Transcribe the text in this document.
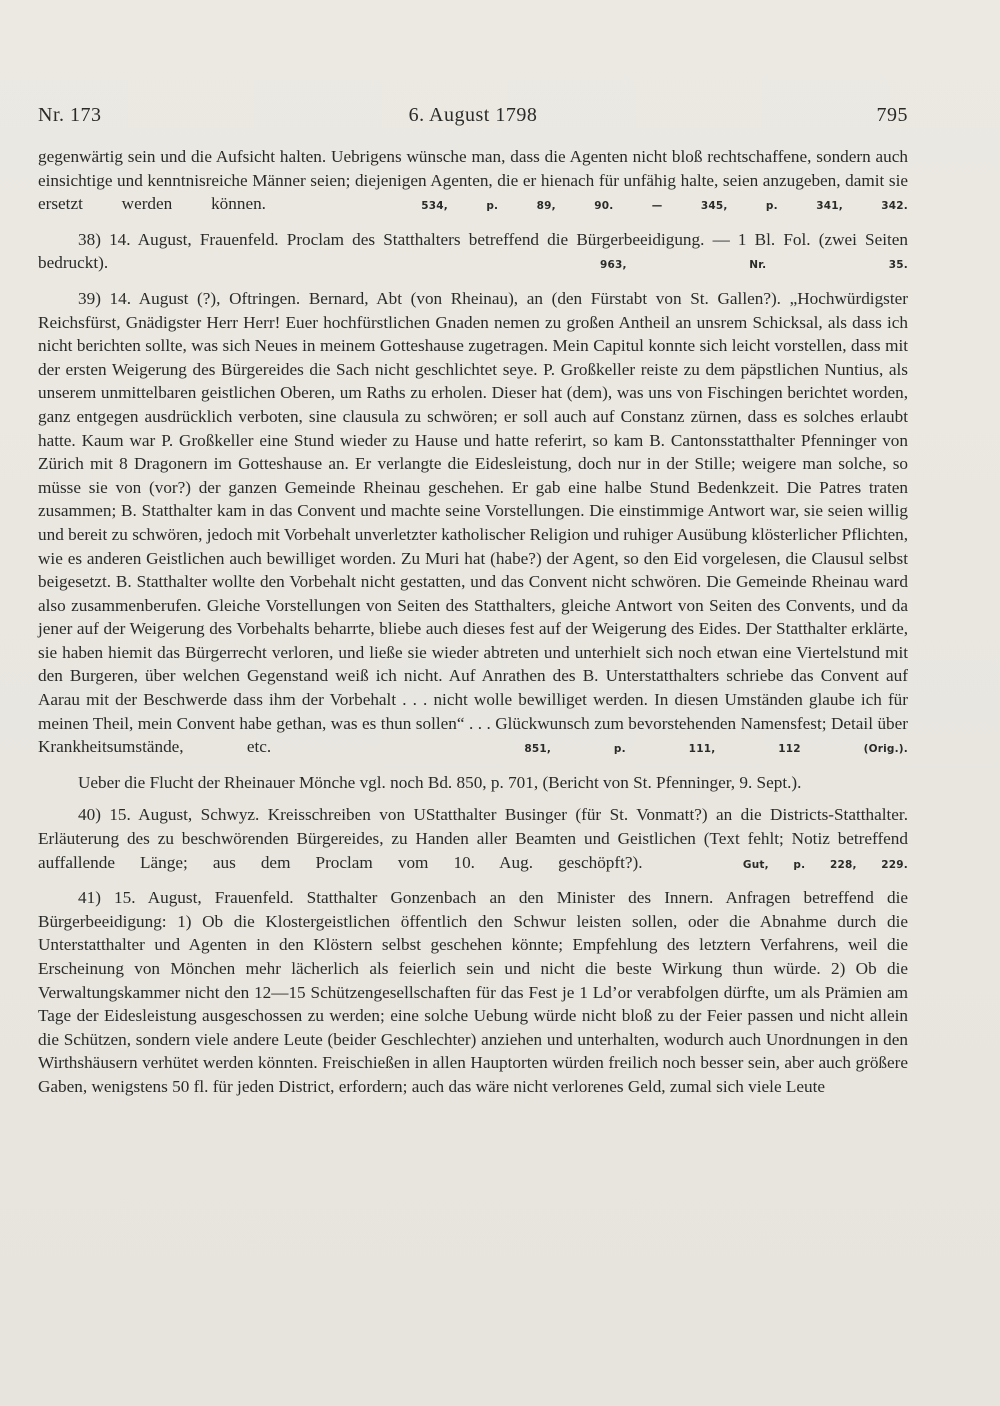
Nr. 173	6. August 1798	795

gegenwärtig sein und die Aufsicht halten. Uebrigens wünsche man, dass die Agenten nicht bloß rechtschaffene, sondern auch einsichtige und kenntnisreiche Männer seien; diejenigen Agenten, die er hienach für unfähig halte, seien anzugeben, damit sie ersetzt werden können.	534, p. 89, 90. — 345, p. 341, 342.

38) 14. August, Frauenfeld. Proclam des Statthalters betreffend die Bürgerbeeidigung. — 1 Bl. Fol. (zwei Seiten bedruckt).	963, Nr. 35.

39) 14. August (?), Oftringen. Bernard, Abt (von Rheinau), an (den Fürstabt von St. Gallen?). „Hochwürdigster Reichsfürst, Gnädigster Herr Herr! Euer hochfürstlichen Gnaden nemen zu großen Antheil an unsrem Schicksal, als dass ich nicht berichten sollte, was sich Neues in meinem Gotteshause zugetragen. Mein Capitul konnte sich leicht vorstellen, dass mit der ersten Weigerung des Bürgereides die Sach nicht geschlichtet seye. P. Großkeller reiste zu dem päpstlichen Nuntius, als unserem unmittelbaren geistlichen Oberen, um Raths zu erholen. Dieser hat (dem), was uns von Fischingen berichtet worden, ganz entgegen ausdrücklich verboten, sine clausula zu schwören; er soll auch auf Constanz zürnen, dass es solches erlaubt hatte. Kaum war P. Großkeller eine Stund wieder zu Hause und hatte referirt, so kam B. Cantonsstatthalter Pfenninger von Zürich mit 8 Dragonern im Gotteshause an. Er verlangte die Eidesleistung, doch nur in der Stille; weigere man solche, so müsse sie von (vor?) der ganzen Gemeinde Rheinau geschehen. Er gab eine halbe Stund Bedenkzeit. Die Patres traten zusammen; B. Statthalter kam in das Convent und machte seine Vorstellungen. Die einstimmige Antwort war, sie seien willig und bereit zu schwören, jedoch mit Vorbehalt unverletzter katholischer Religion und ruhiger Ausübung klösterlicher Pflichten, wie es anderen Geistlichen auch bewilliget worden. Zu Muri hat (habe?) der Agent, so den Eid vorgelesen, die Clausul selbst beigesetzt. B. Statthalter wollte den Vorbehalt nicht gestatten, und das Convent nicht schwören. Die Gemeinde Rheinau ward also zusammenberufen. Gleiche Vorstellungen von Seiten des Statthalters, gleiche Antwort von Seiten des Convents, und da jener auf der Weigerung des Vorbehalts beharrte, bliebe auch dieses fest auf der Weigerung des Eides. Der Statthalter erklärte, sie haben hiemit das Bürgerrecht verloren, und ließe sie wieder abtreten und unterhielt sich noch etwan eine Viertelstund mit den Burgeren, über welchen Gegenstand weiß ich nicht. Auf Anrathen des B. Unterstatthalters schriebe das Convent auf Aarau mit der Beschwerde dass ihm der Vorbehalt . . . nicht wolle bewilliget werden. In diesen Umständen glaube ich für meinen Theil, mein Convent habe gethan, was es thun sollen“ . . . Glückwunsch zum bevorstehenden Namensfest; Detail über Krankheitsumstände, etc.	851, p. 111, 112 (Orig.).

Ueber die Flucht der Rheinauer Mönche vgl. noch Bd. 850, p. 701, (Bericht von St. Pfenninger, 9. Sept.).

40) 15. August, Schwyz. Kreisschreiben von UStatthalter Businger (für St. Vonmatt?) an die Districts-Statthalter. Erläuterung des zu beschwörenden Bürgereides, zu Handen aller Beamten und Geistlichen (Text fehlt; Notiz betreffend auffallende Länge; aus dem Proclam vom 10. Aug. geschöpft?).	Gut, p. 228, 229.

41) 15. August, Frauenfeld. Statthalter Gonzenbach an den Minister des Innern. Anfragen betreffend die Bürgerbeeidigung: 1) Ob die Klostergeistlichen öffentlich den Schwur leisten sollen, oder die Abnahme durch die Unterstatthalter und Agenten in den Klöstern selbst geschehen könnte; Empfehlung des letztern Verfahrens, weil die Erscheinung von Mönchen mehr lächerlich als feierlich sein und nicht die beste Wirkung thun würde. 2) Ob die Verwaltungskammer nicht den 12—15 Schützengesellschaften für das Fest je 1 Ld’or verabfolgen dürfte, um als Prämien am Tage der Eidesleistung ausgeschossen zu werden; eine solche Uebung würde nicht bloß zu der Feier passen und nicht allein die Schützen, sondern viele andere Leute (beider Geschlechter) anziehen und unterhalten, wodurch auch Unordnungen in den Wirthshäusern verhütet werden könnten. Freischießen in allen Hauptorten würden freilich noch besser sein, aber auch größere Gaben, wenigstens 50 fl. für jeden District, erfordern; auch das wäre nicht verlorenes Geld, zumal sich viele Leute
